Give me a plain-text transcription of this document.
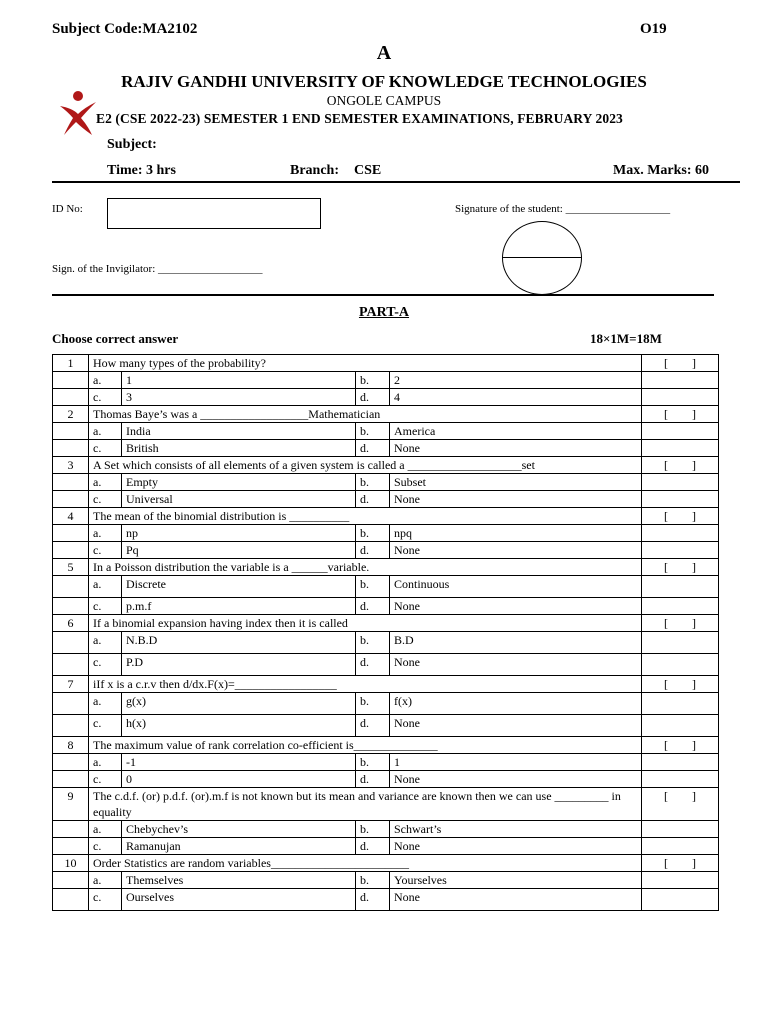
Subject Code:MA2102	O19
A
RAJIV GANDHI UNIVERSITY OF KNOWLEDGE TECHNOLOGIES
ONGOLE CAMPUS
E2 (CSE 2022-23) SEMESTER 1 END SEMESTER EXAMINATIONS, FEBRUARY 2023
Subject:
Time: 3 hrs	Branch: CSE	Max. Marks: 60
ID No:	Signature of the student: ___________________
Sign. of the Invigilator: ___________________
PART-A
Choose correct answer	18×1M=18M
1	How many types of the probability?				[        ]
	a.	1	b.	2	
	c.	3	d.	4	
2	Thomas Baye’s was a __________________Mathematician				[        ]
	a.	India	b.	America	
	c.	British	d.	None	
3	A Set which consists of all elements of a given system is called a ___________________set				[        ]
	a.	Empty	b.	Subset	
	c.	Universal	d.	None	
4	The mean of the binomial distribution is __________				[        ]
	a.	np	b.	npq	
	c.	Pq	d.	None	
5	In a Poisson distribution the variable is a ______variable.				[        ]
	a.	Discrete	b.	Continuous	
	c.	p.m.f	d.	None	
6	If a binomial expansion having index then it is called				[        ]
	a.	N.B.D	b.	B.D	
	c.	P.D	d.	None	
7	iIf x is a c.r.v then d/dx.F(x)=_________________				[        ]
	a.	g(x)	b.	f(x)	
	c.	h(x)	d.	None	
8	The maximum value of rank correlation co-efficient is______________				[        ]
	a.	-1	b.	1	
	c.	0	d.	None	
9	The c.d.f. (or) p.d.f. (or).m.f is not known but its mean and variance are known then we can use _________ in equality				[        ]
	a.	Chebychev’s	b.	Schwart’s	
	c.	Ramanujan	d.	None	
10	Order Statistics are random variables_______________________				[        ]
	a.	Themselves	b.	Yourselves	
	c.	Ourselves	d.	None	
